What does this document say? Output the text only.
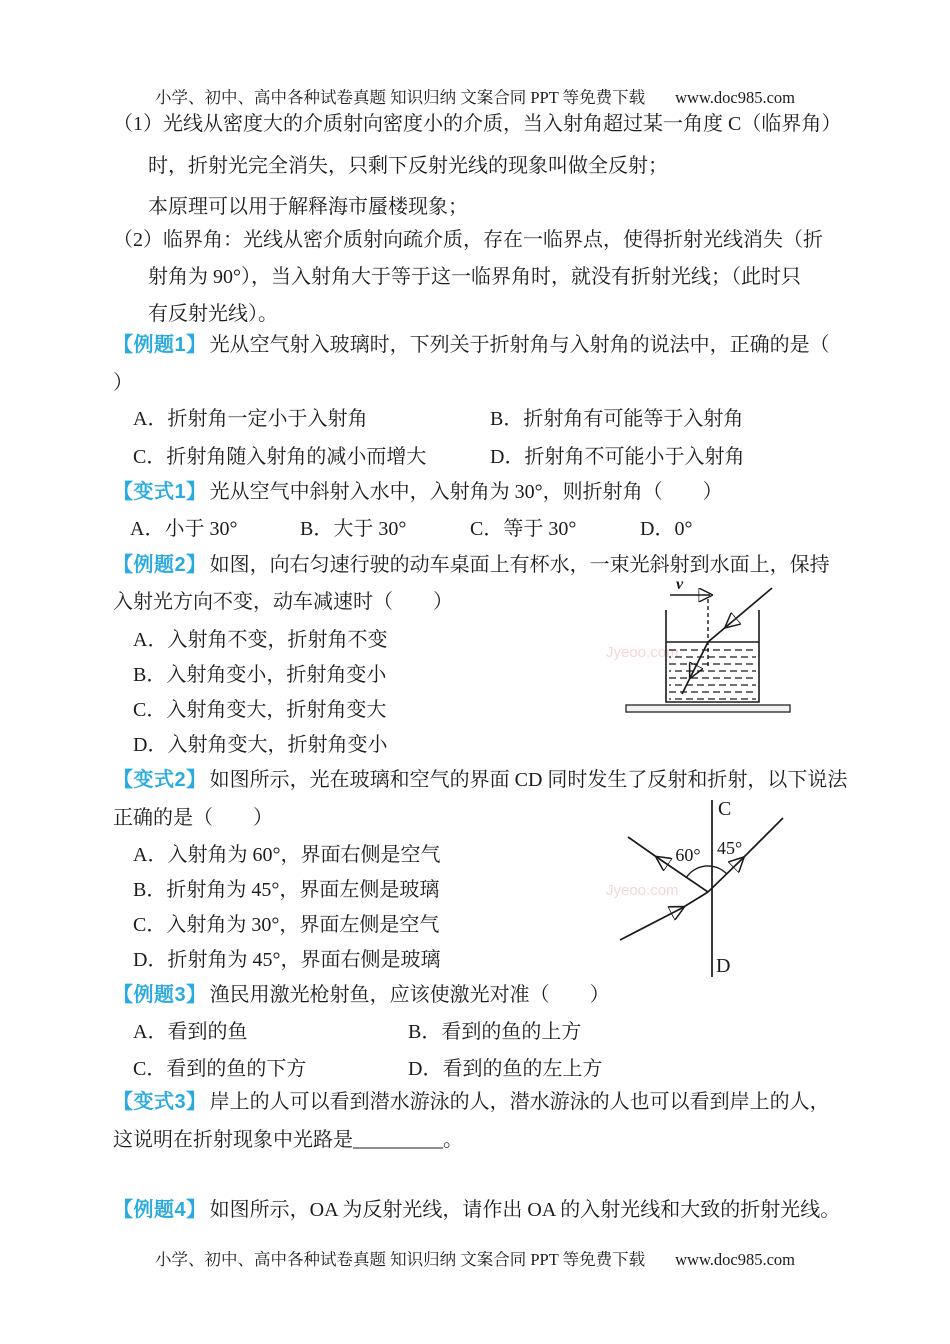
小学、初中、高中各种试卷真题 知识归纳 文案合同 PPT 等免费下载 www.doc985.com
（1）光线从密度大的介质射向密度小的介质，当入射角超过某一角度 C（临界角）
时，折射光完全消失，只剩下反射光线的现象叫做全反射；
本原理可以用于解释海市蜃楼现象；
（2）临界角：光线从密介质射向疏介质，存在一临界点，使得折射光线消失（折
射角为 90°），当入射角大于等于这一临界角时，就没有折射光线；（此时只
有反射光线）。
【例题1】 光从空气射入玻璃时，下列关于折射角与入射角的说法中，正确的是（
）
A．折射角一定小于入射角	B．折射角有可能等于入射角
C．折射角随入射角的减小而增大	D．折射角不可能小于入射角
【变式1】 光从空气中斜射入水中，入射角为 30°，则折射角（　　）
A．小于 30°	B．大于 30°	C．等于 30°	D．0°
【例题2】 如图，向右匀速行驶的动车桌面上有杯水，一束光斜射到水面上，保持
入射光方向不变，动车减速时（　　）
A．入射角不变，折射角不变
B．入射角变小，折射角变小
C．入射角变大，折射角变大
D．入射角变大，折射角变小
Jyeoo.com
v
【变式2】 如图所示，光在玻璃和空气的界面 CD 同时发生了反射和折射，以下说法
正确的是（　　）
A．入射角为 60°，界面右侧是空气
B．折射角为 45°，界面左侧是玻璃
C．入射角为 30°，界面左侧是空气
D．折射角为 45°，界面右侧是玻璃
Jyeoo.com
C
D
60° 45°
【例题3】 渔民用激光枪射鱼，应该使激光对准（　　）
A．看到的鱼	B．看到的鱼的上方
C．看到的鱼的下方	D．看到的鱼的左上方
【变式3】 岸上的人可以看到潜水游泳的人，潜水游泳的人也可以看到岸上的人，
这说明在折射现象中光路是_________。
【例题4】 如图所示，OA 为反射光线，请作出 OA 的入射光线和大致的折射光线。
小学、初中、高中各种试卷真题 知识归纳 文案合同 PPT 等免费下载 www.doc985.com
